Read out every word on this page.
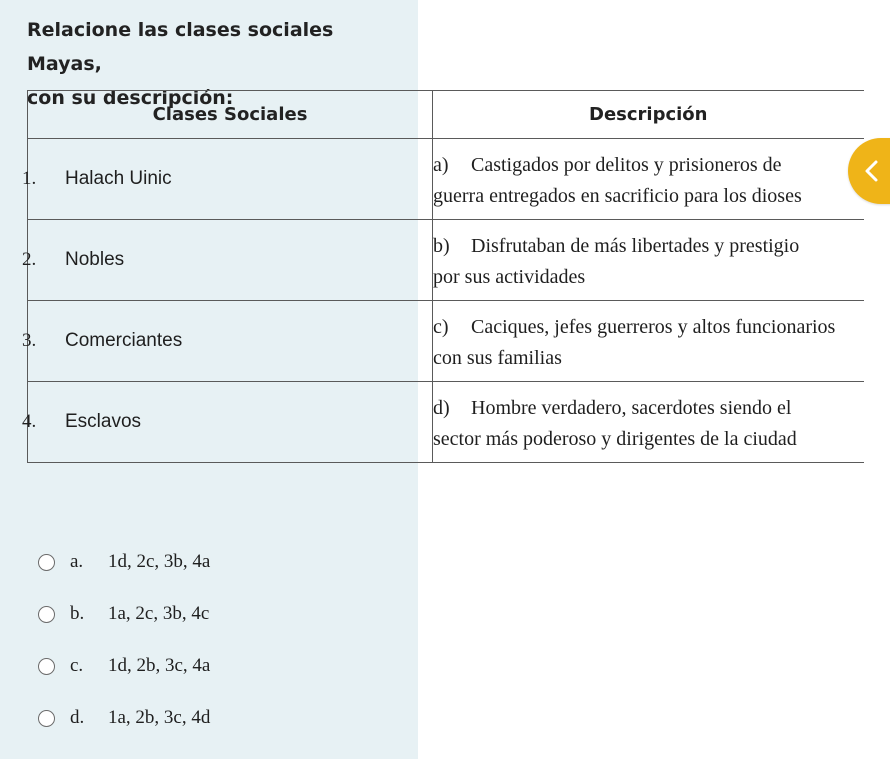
Relacione las clases sociales Mayas,
con su descripción:
Clases Sociales	Descripción

1. Halach Uinic	a) Castigados por delitos y prisioneros de
guerra entregados en sacrificio para los dioses

2. Nobles	b) Disfrutaban de más libertades y prestigio
por sus actividades

3. Comerciantes	c) Caciques, jefes guerreros y altos funcionarios
con sus familias

4. Esclavos	d) Hombre verdadero, sacerdotes siendo el
sector más poderoso y dirigentes de la ciudad
a.	1d, 2c, 3b, 4a
b.	1a, 2c, 3b, 4c
c.	1d, 2b, 3c, 4a
d.	1a, 2b, 3c, 4d
